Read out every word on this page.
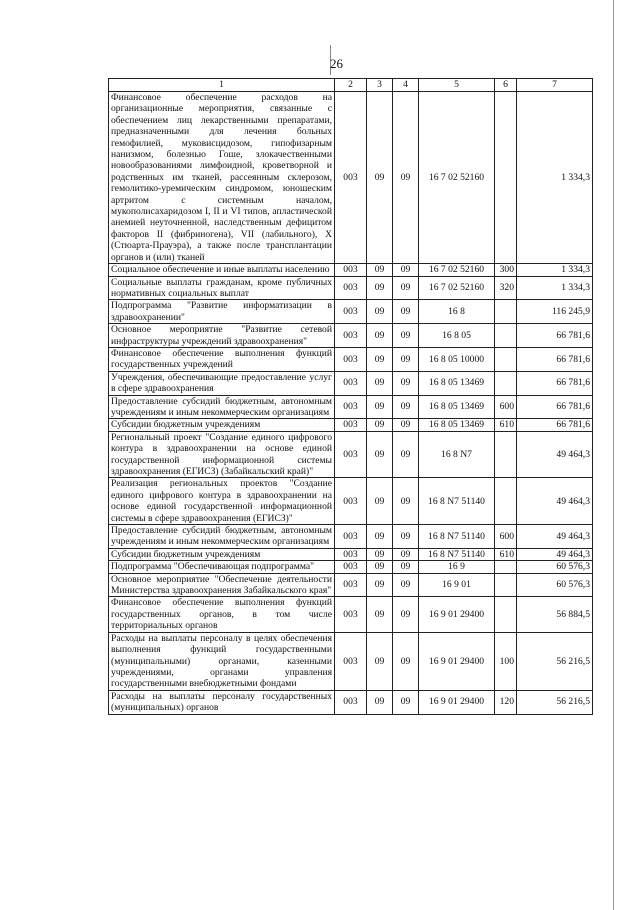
26
1	2	3	4	5	6	7
Финансовое обеспечение расходов на организационные мероприятия, связанные с обеспечением лиц лекарственными препаратами, предназначенными для лечения больных гемофилией, муковисцидозом, гипофизарным нанизмом, болезнью Гоше, злокачественными новообразованиями лимфоидной, кроветворной и родственных им тканей, рассеянным склерозом, гемолитико-уремическим синдромом, юношеским артритом с системным началом, мукополисахаридозом I, II и VI типов, апластической анемией неуточненной, наследственным дефицитом факторов II (фибриногена), VII (лабильного), X (Стюарта-Прауэра), а также после трансплантации органов и (или) тканей	003	09	09	16 7 02 52160		1 334,3
Социальное обеспечение и иные выплаты населению	003	09	09	16 7 02 52160	300	1 334,3
Социальные выплаты гражданам, кроме публичных нормативных социальных выплат	003	09	09	16 7 02 52160	320	1 334,3
Подпрограмма "Развитие информатизации в здравоохранении"	003	09	09	16 8		116 245,9
Основное мероприятие "Развитие сетевой инфраструктуры учреждений здравоохранения"	003	09	09	16 8 05		66 781,6
Финансовое обеспечение выполнения функций государственных учреждений	003	09	09	16 8 05 10000		66 781,6
Учреждения, обеспечивающие предоставление услуг в сфере здравоохранения	003	09	09	16 8 05 13469		66 781,6
Предоставление субсидий бюджетным, автономным учреждениям и иным некоммерческим организациям	003	09	09	16 8 05 13469	600	66 781,6
Субсидии бюджетным учреждениям	003	09	09	16 8 05 13469	610	66 781,6
Региональный проект "Создание единого цифрового контура в здравоохранении на основе единой государственной информационной системы здравоохранения (ЕГИСЗ) (Забайкальский край)"	003	09	09	16 8 N7		49 464,3
Реализация региональных проектов "Создание единого цифрового контура в здравоохранении на основе единой государственной информационной системы в сфере здравоохранения (ЕГИСЗ)"	003	09	09	16 8 N7 51140		49 464,3
Предоставление субсидий бюджетным, автономным учреждениям и иным некоммерческим организациям	003	09	09	16 8 N7 51140	600	49 464,3
Субсидии бюджетным учреждениям	003	09	09	16 8 N7 51140	610	49 464,3
Подпрограмма "Обеспечивающая подпрограмма"	003	09	09	16 9		60 576,3
Основное мероприятие "Обеспечение деятельности Министерства здравоохранения Забайкальского края"	003	09	09	16 9 01		60 576,3
Финансовое обеспечение выполнения функций государственных органов, в том числе территориальных органов	003	09	09	16 9 01 29400		56 884,5
Расходы на выплаты персоналу в целях обеспечения выполнения функций государственными (муниципальными) органами, казенными учреждениями, органами управления государственными внебюджетными фондами	003	09	09	16 9 01 29400	100	56 216,5
Расходы на выплаты персоналу государственных (муниципальных) органов	003	09	09	16 9 01 29400	120	56 216,5
